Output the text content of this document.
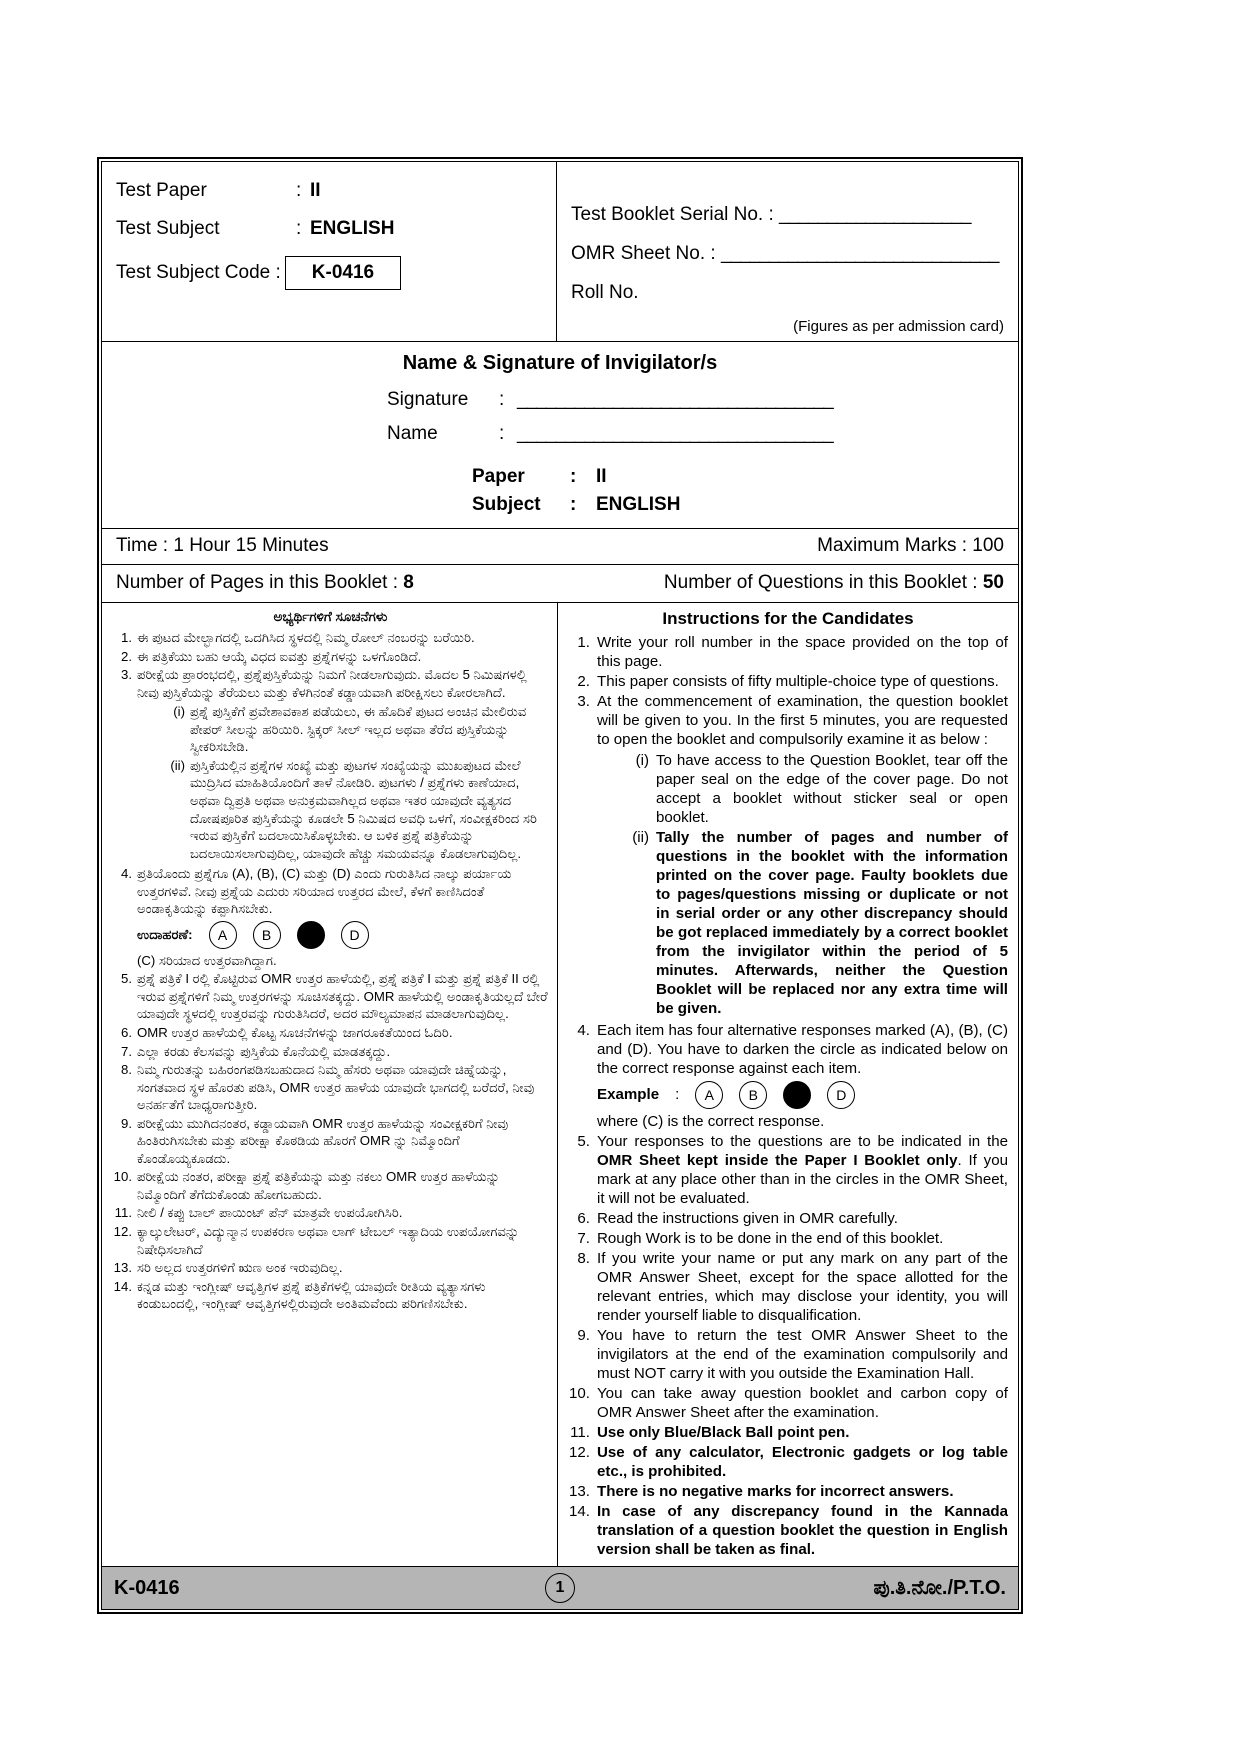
Test Paper	: II
Test Subject	: ENGLISH
Test Subject Code :	K-0416
Test Booklet Serial No. : ____________________
OMR Sheet No. : _____________________________
Roll No.
(Figures as per admission card)
Name & Signature of Invigilator/s
Signature : _________________________________
Name	: _________________________________
Paper : II
Subject : ENGLISH
Time : 1 Hour 15 Minutes	Maximum Marks : 100
Number of Pages in this Booklet : 8	Number of Questions in this Booklet : 50
ಅಭ್ಯರ್ಥಿಗಳಿಗೆ ಸೂಚನೆಗಳು
1. ಈ ಪುಟದ ಮೇಲ್ಭಾಗದಲ್ಲಿ ಒದಗಿಸಿದ ಸ್ಥಳದಲ್ಲಿ ನಿಮ್ಮ ರೋಲ್ ನಂಬರನ್ನು ಬರೆಯಿರಿ.
2. ಈ ಪತ್ರಿಕೆಯು ಬಹು ಆಯ್ಕೆ ವಿಧದ ಐವತ್ತು ಪ್ರಶ್ನೆಗಳನ್ನು ಒಳಗೊಂಡಿದೆ.
3. ಪರೀಕ್ಷೆಯ ಪ್ರಾರಂಭದಲ್ಲಿ, ಪ್ರಶ್ನೆಪುಸ್ತಿಕೆಯನ್ನು ನಿಮಗೆ ನೀಡಲಾಗುವುದು. ಮೊದಲ 5 ನಿಮಿಷಗಳಲ್ಲಿ ನೀವು ಪುಸ್ತಿಕೆಯನ್ನು ತೆರೆಯಲು ಮತ್ತು ಕೆಳಗಿನಂತೆ ಕಡ್ಡಾಯವಾಗಿ ಪರೀಕ್ಷಿಸಲು ಕೋರಲಾಗಿದೆ.
(i) ಪ್ರಶ್ನೆ ಪುಸ್ತಿಕೆಗೆ ಪ್ರವೇಶಾವಕಾಶ ಪಡೆಯಲು, ಈ ಹೊದಿಕೆ ಪುಟದ ಅಂಚಿನ ಮೇಲಿರುವ ಪೇಪರ್ ಸೀಲನ್ನು ಹರಿಯಿರಿ. ಸ್ಟಿಕ್ಕರ್ ಸೀಲ್ ಇಲ್ಲದ ಅಥವಾ ತೆರೆದ ಪುಸ್ತಿಕೆಯನ್ನು ಸ್ವೀಕರಿಸಬೇಡಿ.
(ii) ಪುಸ್ತಿಕೆಯಲ್ಲಿನ ಪ್ರಶ್ನೆಗಳ ಸಂಖ್ಯೆ ಮತ್ತು ಪುಟಗಳ ಸಂಖ್ಯೆಯನ್ನು ಮುಖಪುಟದ ಮೇಲೆ ಮುದ್ರಿಸಿದ ಮಾಹಿತಿಯೊಂದಿಗೆ ತಾಳೆ ನೋಡಿರಿ. ಪುಟಗಳು / ಪ್ರಶ್ನೆಗಳು ಕಾಣೆಯಾದ, ಅಥವಾ ದ್ವಿಪ್ರತಿ ಅಥವಾ ಅನುಕ್ರಮವಾಗಿಲ್ಲದ ಅಥವಾ ಇತರ ಯಾವುದೇ ವ್ಯತ್ಯಸದ ದೋಷಪೂರಿತ ಪುಸ್ತಿಕೆಯನ್ನು ಕೂಡಲೇ 5 ನಿಮಿಷದ ಅವಧಿ ಒಳಗೆ, ಸಂವೀಕ್ಷಕರಿಂದ ಸರಿ ಇರುವ ಪುಸ್ತಿಕೆಗೆ ಬದಲಾಯಿಸಿಕೊಳ್ಳಬೇಕು. ಆ ಬಳಿಕ ಪ್ರಶ್ನೆ ಪತ್ರಿಕೆಯನ್ನು ಬದಲಾಯಿಸಲಾಗುವುದಿಲ್ಲ, ಯಾವುದೇ ಹೆಚ್ಚು ಸಮಯವನ್ನೂ ಕೊಡಲಾಗುವುದಿಲ್ಲ.
4. ಪ್ರತಿಯೊಂದು ಪ್ರಶ್ನೆಗೂ (A), (B), (C) ಮತ್ತು (D) ಎಂದು ಗುರುತಿಸಿದ ನಾಲ್ಕು ಪರ್ಯಾಯ ಉತ್ತರಗಳಿವೆ. ನೀವು ಪ್ರಶ್ನೆಯ ಎದುರು ಸರಿಯಾದ ಉತ್ತರದ ಮೇಲೆ, ಕೆಳಗೆ ಕಾಣಿಸಿದಂತೆ ಅಂಡಾಕೃತಿಯನ್ನು ಕಪ್ಪಾಗಿಸಬೇಕು.
ಉದಾಹರಣೆ:	A	B	D
(C) ಸರಿಯಾದ ಉತ್ತರವಾಗಿದ್ದಾಗ.
5. ಪ್ರಶ್ನೆ ಪತ್ರಿಕೆ I ರಲ್ಲಿ ಕೊಟ್ಟಿರುವ OMR ಉತ್ತರ ಹಾಳೆಯಲ್ಲಿ, ಪ್ರಶ್ನೆ ಪತ್ರಿಕೆ I ಮತ್ತು ಪ್ರಶ್ನೆ ಪತ್ರಿಕೆ II ರಲ್ಲಿ ಇರುವ ಪ್ರಶ್ನೆಗಳಿಗೆ ನಿಮ್ಮ ಉತ್ತರಗಳನ್ನು ಸೂಚಿಸತಕ್ಕದ್ದು. OMR ಹಾಳೆಯಲ್ಲಿ ಅಂಡಾಕೃತಿಯಲ್ಲದೆ ಬೇರೆ ಯಾವುದೇ ಸ್ಥಳದಲ್ಲಿ ಉತ್ತರವನ್ನು ಗುರುತಿಸಿದರೆ, ಅದರ ಮೌಲ್ಯಮಾಪನ ಮಾಡಲಾಗುವುದಿಲ್ಲ.
6. OMR ಉತ್ತರ ಹಾಳೆಯಲ್ಲಿ ಕೊಟ್ಟ ಸೂಚನೆಗಳನ್ನು ಜಾಗರೂಕತೆಯಿಂದ ಓದಿರಿ.
7. ಎಲ್ಲಾ ಕರಡು ಕೆಲಸವನ್ನು ಪುಸ್ತಿಕೆಯ ಕೊನೆಯಲ್ಲಿ ಮಾಡತಕ್ಕದ್ದು.
8. ನಿಮ್ಮ ಗುರುತನ್ನು ಬಹಿರಂಗಪಡಿಸಬಹುದಾದ ನಿಮ್ಮ ಹೆಸರು ಅಥವಾ ಯಾವುದೇ ಚಿಹ್ನೆಯನ್ನು, ಸಂಗತವಾದ ಸ್ಥಳ ಹೊರತು ಪಡಿಸಿ, OMR ಉತ್ತರ ಹಾಳೆಯ ಯಾವುದೇ ಭಾಗದಲ್ಲಿ ಬರೆದರೆ, ನೀವು ಅನರ್ಹತೆಗೆ ಬಾಧ್ಯರಾಗುತ್ತೀರಿ.
9. ಪರೀಕ್ಷೆಯು ಮುಗಿದನಂತರ, ಕಡ್ಡಾಯವಾಗಿ OMR ಉತ್ತರ ಹಾಳೆಯನ್ನು ಸಂವೀಕ್ಷಕರಿಗೆ ನೀವು ಹಿಂತಿರುಗಿಸಬೇಕು ಮತ್ತು ಪರೀಕ್ಷಾ ಕೊಠಡಿಯ ಹೊರಗೆ OMR ನ್ನು ನಿಮ್ಮೊಂದಿಗೆ ಕೊಂಡೊಯ್ಯಕೂಡದು.
10. ಪರೀಕ್ಷೆಯ ನಂತರ, ಪರೀಕ್ಷಾ ಪ್ರಶ್ನೆ ಪತ್ರಿಕೆಯನ್ನು ಮತ್ತು ನಕಲು OMR ಉತ್ತರ ಹಾಳೆಯನ್ನು ನಿಮ್ಮೊಂದಿಗೆ ತೆಗೆದುಕೊಂಡು ಹೋಗಬಹುದು.
11. ನೀಲಿ / ಕಪ್ಪು ಬಾಲ್ ಪಾಯಿಂಟ್ ಪೆನ್ ಮಾತ್ರವೇ ಉಪಯೋಗಿಸಿರಿ.
12. ಕ್ಯಾಲ್ಕುಲೇಟರ್, ವಿದ್ಯುನ್ಮಾನ ಉಪಕರಣ ಅಥವಾ ಲಾಗ್ ಟೇಬಲ್ ಇತ್ಯಾದಿಯ ಉಪಯೋಗವನ್ನು ನಿಷೇಧಿಸಲಾಗಿದೆ
13. ಸರಿ ಅಲ್ಲದ ಉತ್ತರಗಳಿಗೆ ಋಣ ಅಂಕ ಇರುವುದಿಲ್ಲ.
14. ಕನ್ನಡ ಮತ್ತು ಇಂಗ್ಲೀಷ್ ಆವೃತ್ತಿಗಳ ಪ್ರಶ್ನೆ ಪತ್ರಿಕೆಗಳಲ್ಲಿ ಯಾವುದೇ ರೀತಿಯ ವ್ಯತ್ಯಾಸಗಳು ಕಂಡುಬಂದಲ್ಲಿ, ಇಂಗ್ಲೀಷ್ ಆವೃತ್ತಿಗಳಲ್ಲಿರುವುದೇ ಅಂತಿಮವೆಂದು ಪರಿಗಣಿಸಬೇಕು.
Instructions for the Candidates
1. Write your roll number in the space provided on the top of this page.
2. This paper consists of fifty multiple-choice type of questions.
3. At the commencement of examination, the question booklet will be given to you. In the first 5 minutes, you are requested to open the booklet and compulsorily examine it as below :
(i) To have access to the Question Booklet, tear off the paper seal on the edge of the cover page. Do not accept a booklet without sticker seal or open booklet.
(ii) Tally the number of pages and number of questions in the booklet with the information printed on the cover page. Faulty booklets due to pages/questions missing or duplicate or not in serial order or any other discrepancy should be got replaced immediately by a correct booklet from the invigilator within the period of 5 minutes. Afterwards, neither the Question Booklet will be replaced nor any extra time will be given.
4. Each item has four alternative responses marked (A), (B), (C) and (D). You have to darken the circle as indicated below on the correct response against each item.
Example :	A	B	D
where (C) is the correct response.
5. Your responses to the questions are to be indicated in the OMR Sheet kept inside the Paper I Booklet only. If you mark at any place other than in the circles in the OMR Sheet, it will not be evaluated.
6. Read the instructions given in OMR carefully.
7. Rough Work is to be done in the end of this booklet.
8. If you write your name or put any mark on any part of the OMR Answer Sheet, except for the space allotted for the relevant entries, which may disclose your identity, you will render yourself liable to disqualification.
9. You have to return the test OMR Answer Sheet to the invigilators at the end of the examination compulsorily and must NOT carry it with you outside the Examination Hall.
10. You can take away question booklet and carbon copy of OMR Answer Sheet after the examination.
11. Use only Blue/Black Ball point pen.
12. Use of any calculator, Electronic gadgets or log table etc., is prohibited.
13. There is no negative marks for incorrect answers.
14. In case of any discrepancy found in the Kannada translation of a question booklet the question in English version shall be taken as final.
K-0416	1	ಪು.ತಿ.ನೋ./P.T.O.
